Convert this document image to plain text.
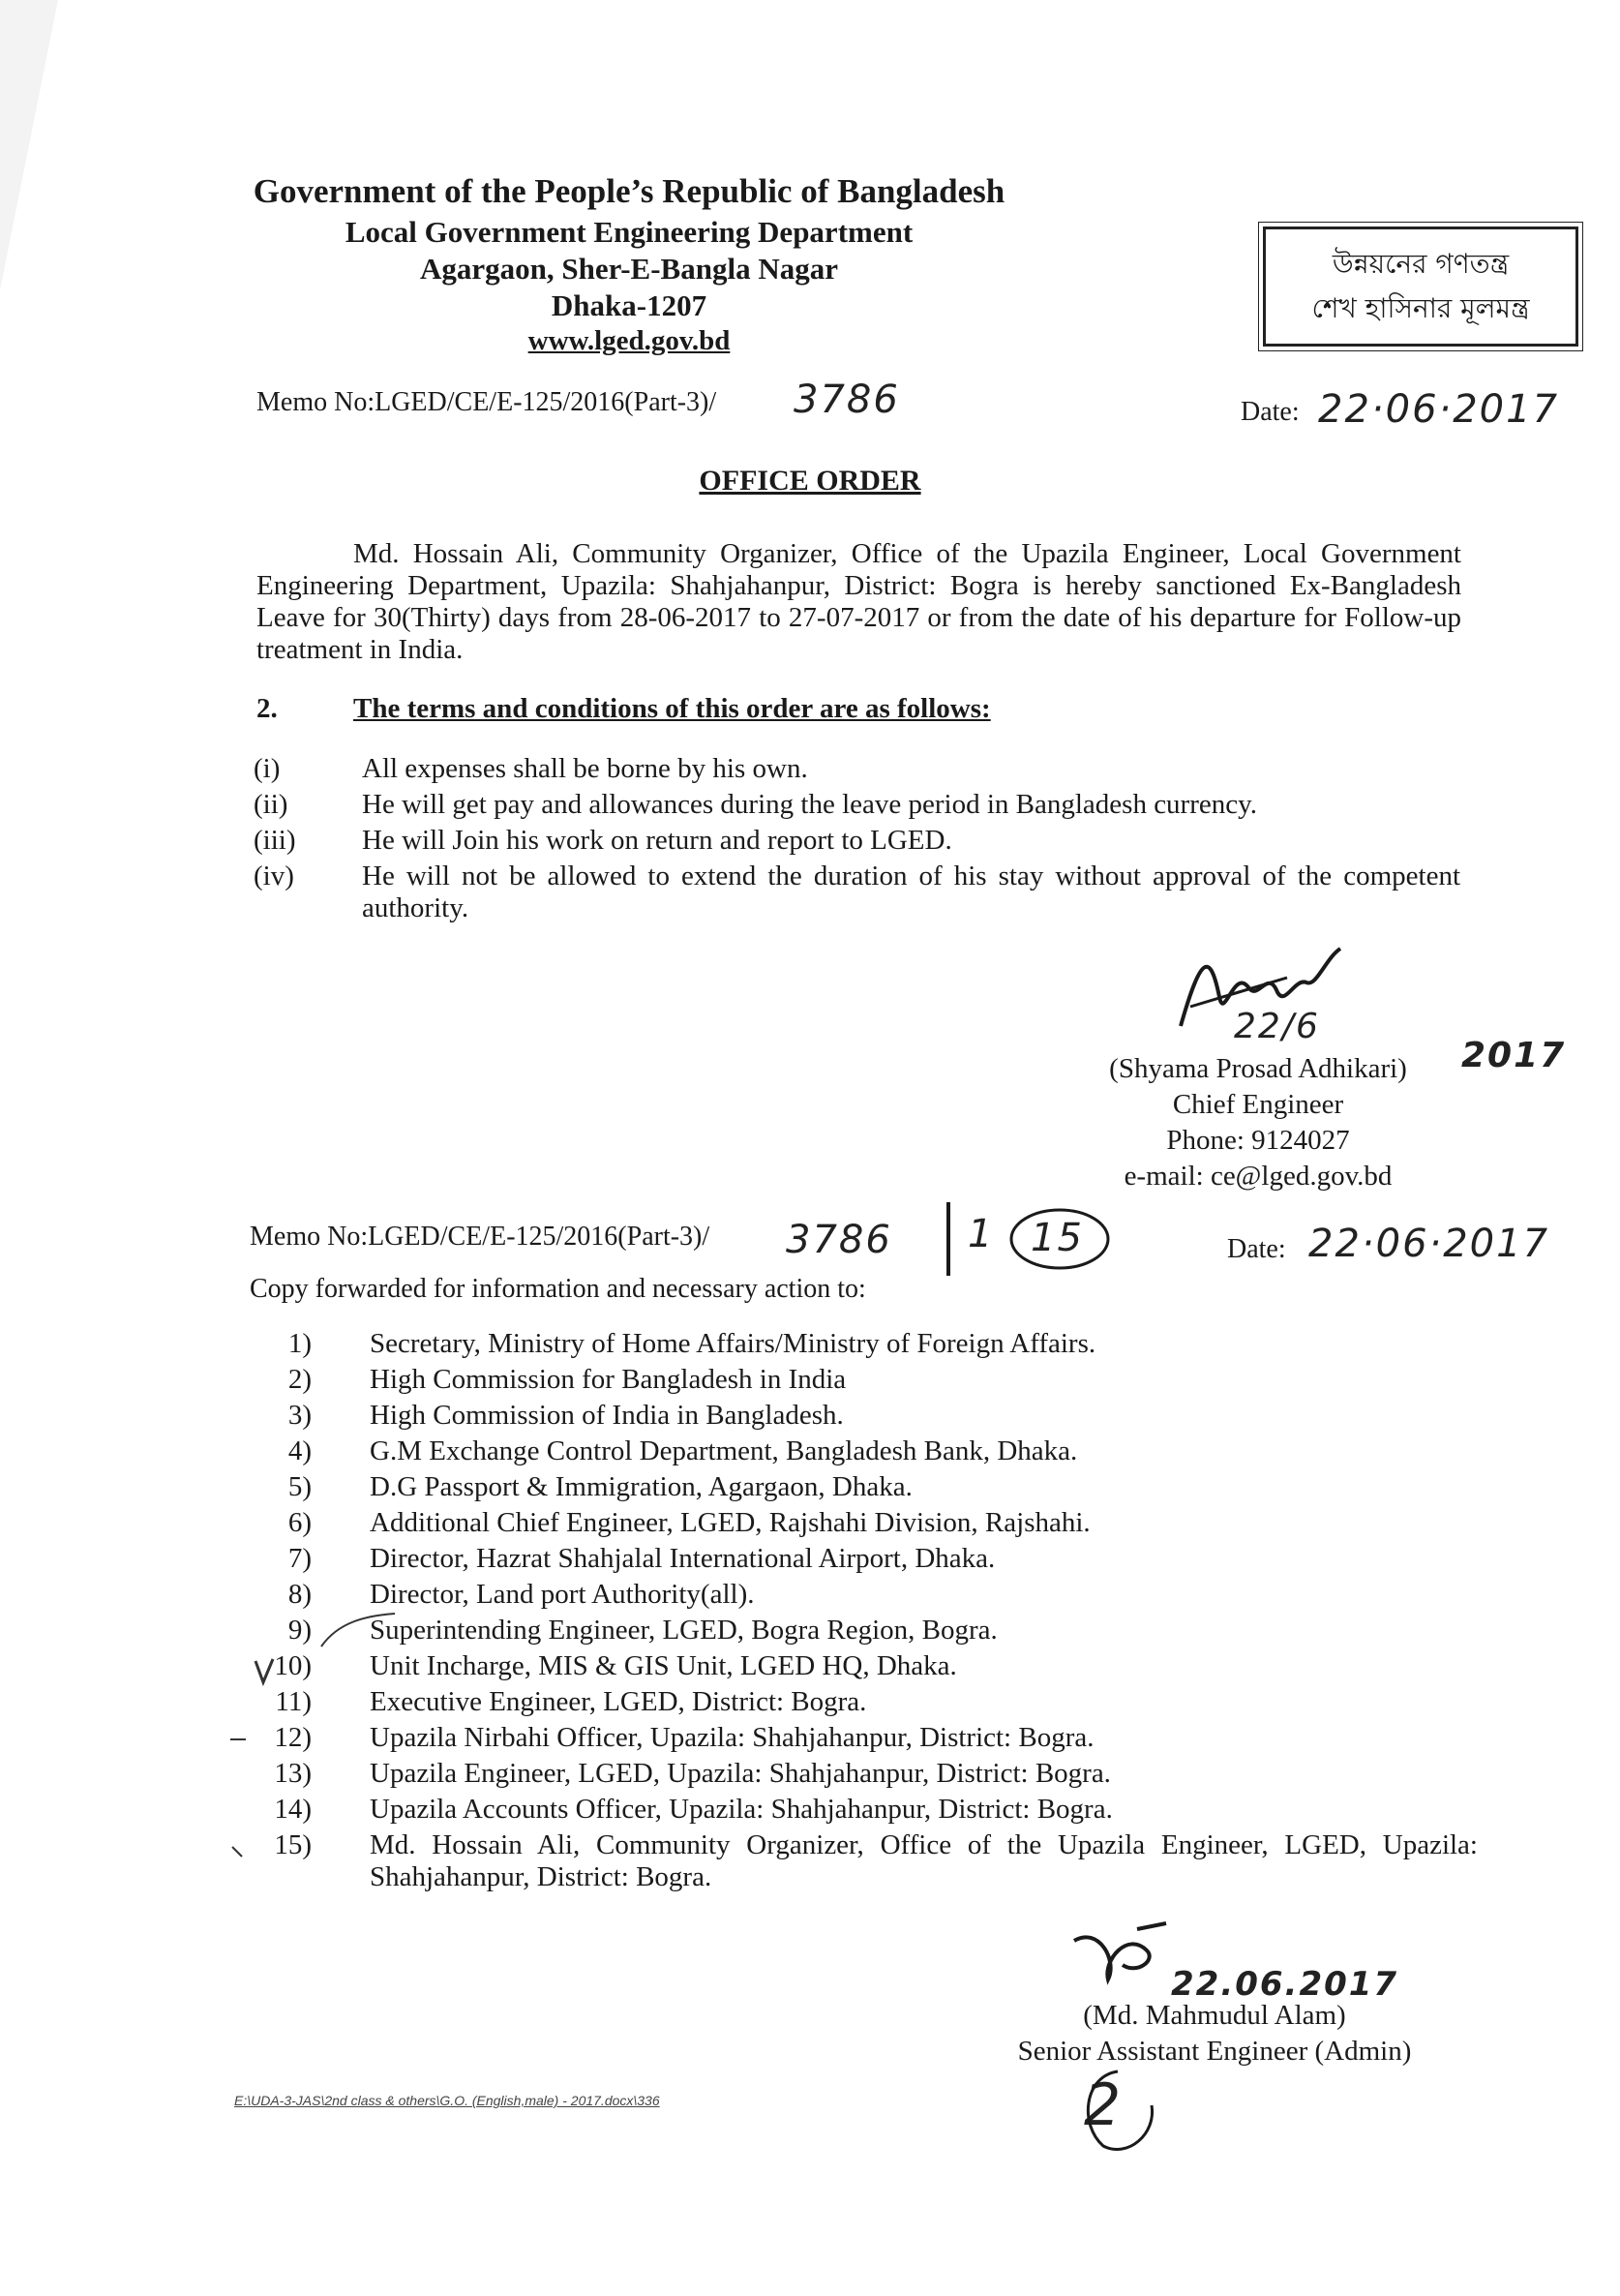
Government of the People’s Republic of Bangladesh
Local Government Engineering Department
Agargaon, Sher-E-Bangla Nagar
Dhaka-1207
www.lged.gov.bd
উন্নয়নের গণতন্ত্র
শেখ হাসিনার মূলমন্ত্র
Memo No:LGED/CE/E-125/2016(Part-3)/ 3786	Date: 22·06·2017
OFFICE ORDER
Md. Hossain Ali, Community Organizer, Office of the Upazila Engineer, Local Government Engineering Department, Upazila: Shahjahanpur, District: Bogra is hereby sanctioned Ex-Bangladesh Leave for 30(Thirty) days from 28-06-2017 to 27-07-2017 or from the date of his departure for Follow-up treatment in India.
2.	The terms and conditions of this order are as follows:
(i)	All expenses shall be borne by his own.
(ii)	He will get pay and allowances during the leave period in Bangladesh currency.
(iii) He will Join his work on return and report to LGED.
(iv) He will not be allowed to extend the duration of his stay without approval of the competent authority.
22/6
2017
(Shyama Prosad Adhikari)
Chief Engineer
Phone: 9124027
e-mail: ce@lged.gov.bd
Memo No:LGED/CE/E-125/2016(Part-3)/ 3786 1 15	Date: 22·06·2017
Copy forwarded for information and necessary action to:
1) Secretary, Ministry of Home Affairs/Ministry of Foreign Affairs.
2) High Commission for Bangladesh in India
3) High Commission of India in Bangladesh.
4) G.M Exchange Control Department, Bangladesh Bank, Dhaka.
5) D.G Passport & Immigration, Agargaon, Dhaka.
6) Additional Chief Engineer, LGED, Rajshahi Division, Rajshahi.
7) Director, Hazrat Shahjalal International Airport, Dhaka.
8) Director, Land port Authority(all).
9) Superintending Engineer, LGED, Bogra Region, Bogra.
10) Unit Incharge, MIS & GIS Unit, LGED HQ, Dhaka.
11) Executive Engineer, LGED, District: Bogra.
12) Upazila Nirbahi Officer, Upazila: Shahjahanpur, District: Bogra.
13) Upazila Engineer, LGED, Upazila: Shahjahanpur, District: Bogra.
14) Upazila Accounts Officer, Upazila: Shahjahanpur, District: Bogra.
15) Md. Hossain Ali, Community Organizer, Office of the Upazila Engineer, LGED, Upazila: Shahjahanpur, District: Bogra.
22.06.2017
(Md. Mahmudul Alam)
Senior Assistant Engineer (Admin)
E:\UDA-3-JAS\2nd class & others\G.O. (English,male) - 2017.docx\336	2
